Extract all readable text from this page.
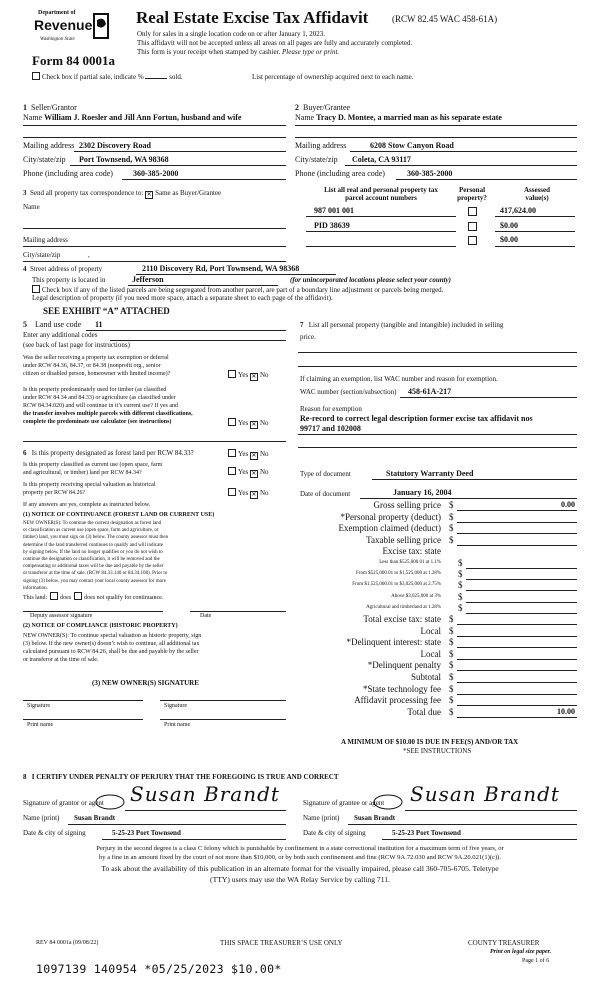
Department of
Revenue
Washington State
Real Estate Excise Tax Affidavit	(RCW 82.45 WAC 458-61A)
Only for sales in a single location code on or after January 1, 2023.
This affidavit will not be accepted unless all areas on all pages are fully and accurately completed.
This form is your receipt when stamped by cashier. Please type or print.
Form 84 0001a
Check box if partial sale, indicate %	sold.	List percentage of ownership acquired next to each name.
1 Seller/Grantor
Name William J. Roesler and Jill Ann Fortun, husband and wife
2 Buyer/Grantee
Name Tracy D. Montee, a married man as his separate estate
Mailing address 2302 Discovery Road
City/state/zip Port Townsend, WA 98368
Phone (including area code)	360-385-2000
Mailing address	6208 Stow Canyon Road
City/state/zip Coleta, CA 93117
Phone (including area code)	360-385-2000
3 Send all property tax correspondence to: ✕ Same as Buyer/Grantee
Name
Mailing address
City/state/zip	,
List all real and personal property tax
parcel account numbers
Personal
property?
Assessed
value(s)
987 001 001	417,624.00
PID 38639	$0.00
$0.00
4 Street address of property	2110 Discovery Rd, Port Townsend, WA 98368
This property is located in	Jefferson	(for unincorporated locations please select your county)
Check box if any of the listed parcels are being segregated from another parcel, are part of a boundary line adjustment or parcels being merged.
Legal description of property (if you need more space, attach a separate sheet to each page of the affidavit).
SEE EXHIBIT “A” ATTACHED
5 Land use code 11
Enter any additional codes
(see back of last page for instructions)
Was the seller receiving a property tax exemption or deferral
under RCW 84.36, 84.37, or 84.38 (nonprofit org., senior
citizen or disabled person, homeowner with limited income)?	Yes ✕ No
Is this property predominately used for timber (as classified
under RCW 84.34 and 84.33) or agriculture (as classified under
RCW 84.34.020) and will continue in it’s current use? If yes and
the transfer involves multiple parcels with different classifications,
complete the predominate use calculator (see instructions)	Yes ✕ No
7 List all personal property (tangible and intangible) included in selling
price.
If claiming an exemption, list WAC number and reason for exemption.
WAC number (section/subsection) 458-61A-217
Reason for exemption
Re-record to correct legal description former excise tax affidavit nos
99717 and 102008
6 Is this property designated as forest land per RCW 84.33?	Yes ✕ No
Is this property classified as current use (open space, farm
and agricultural, or timber) land per RCW 84.34?	Yes ✕ No
Is this property receiving special valuation as historical
property per RCW 84.26?	Yes ✕ No
If any answers are yes, complete as instructed below.
(1) NOTICE OF CONTINUANCE (FOREST LAND OR CURRENT USE)
NEW OWNER(S): To continue the current designation as forest land
or classification as current use (open space, farm and agriculture, or
timber) land, you must sign on (3) below. The county assessor must then
determine if the land transferred continues to qualify and will indicate
by signing below. If the land no longer qualifies or you do not wish to
continue the designation or classification, it will be removed and the
compensating or additional taxes will be due and payable by the seller
or transferor at the time of sale. (RCW 84.33.140 or 84.34.108). Prior to
signing (3) below, you may contact your local county assessor for more
information.
This land: does does not qualify for continuance.
Deputy assessor signature	Date
(2) NOTICE OF COMPLIANCE (HISTORIC PROPERTY)
NEW OWNER(S): To continue special valuation as historic property, sign
(3) below. If the new owner(s) doesn’t wish to continue, all additional tax
calculated pursuant to RCW 84.26, shall be due and payable by the seller
or transferor at the time of sale.
(3) NEW OWNER(S) SIGNATURE
Signature	Signature
Print name	Print name
Type of document	Statutory Warranty Deed
Date of document	January 16, 2004
Gross selling price $	0.00
*Personal property (deduct) $
Exemption claimed (deduct) $
Taxable selling price $
Excise tax: state
Less than $525,000.01 at 1.1% $
From $525,000.01 to $1,525,000 at 1.28% $
From $1,525,000.01 to $3,025,000 at 2.75% $
Above $3,025,000 at 3% $
Agricultural and timberland at 1.28% $
Total excise tax: state $
Local $
*Delinquent interest: state $
Local $
*Delinquent penalty $
Subtotal $
*State technology fee $
Affidavit processing fee $
Total due $	10.00
A MINIMUM OF $10.00 IS DUE IN FEE(S) AND/OR TAX
*SEE INSTRUCTIONS
8 I CERTIFY UNDER PENALTY OF PERJURY THAT THE FOREGOING IS TRUE AND CORRECT
Signature of grantor or agent Susan Brandt	Signature of grantee or agent Susan Brandt
Name (print) Susan Brandt	Name (print) Susan Brandt
Date & city of signing	5-25-23 Port Townsend	Date & city of signing	5-25-23 Port Townsend
Perjury in the second degree is a class C felony which is punishable by confinement in a state correctional institution for a maximum term of five years, or
by a fine in an amount fixed by the court of not more than $10,000, or by both such confinement and fine (RCW 9A.72.030 and RCW 9A.20.021(1)(c)).
To ask about the availability of this publication in an alternate format for the visually impaired, please call 360-705-6705. Teletype
(TTY) users may use the WA Relay Service by calling 711.
REV 84 0001a (09/08/22)	THIS SPACE TREASURER’S USE ONLY	COUNTY TREASURER
Print on legal size paper.
Page 1 of 6
1097139 140954 *05/25/2023 $10.00*
